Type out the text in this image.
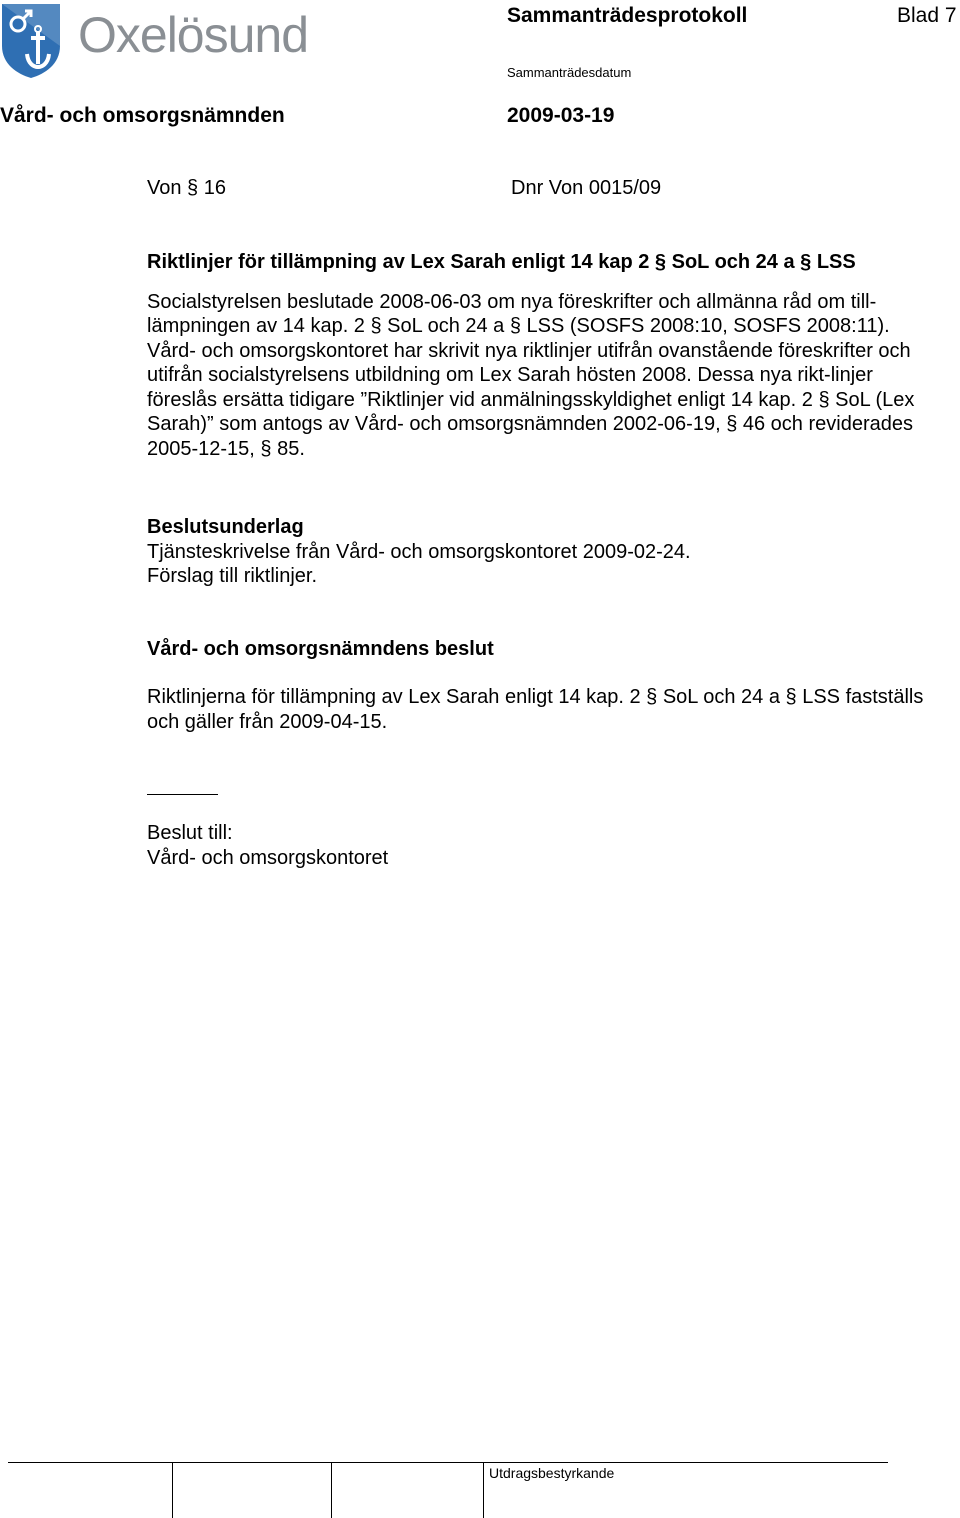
Oxelösund	Sammanträdesprotokoll	Blad 7
Sammanträdesdatum
Vård- och omsorgsnämnden	2009-03-19
Von § 16	Dnr Von 0015/09

Riktlinjer för tillämpning av Lex Sarah enligt 14 kap 2 § SoL och 24 a § LSS

Socialstyrelsen beslutade 2008-06-03 om nya föreskrifter och allmänna råd om till-lämpningen av 14 kap. 2 § SoL och 24 a § LSS (SOSFS 2008:10, SOSFS 2008:11). Vård- och omsorgskontoret har skrivit nya riktlinjer utifrån ovanstående föreskrifter och utifrån socialstyrelsens utbildning om Lex Sarah hösten 2008. Dessa nya rikt-linjer föreslås ersätta tidigare ”Riktlinjer vid anmälningsskyldighet enligt 14 kap. 2 § SoL (Lex Sarah)” som antogs av Vård- och omsorgsnämnden 2002-06-19, § 46 och reviderades 2005-12-15, § 85.

Beslutsunderlag

Tjänsteskrivelse från Vård- och omsorgskontoret 2009-02-24.

Förslag till riktlinjer.

Vård- och omsorgsnämndens beslut

Riktlinjerna för tillämpning av Lex Sarah enligt 14 kap. 2 § SoL och 24 a § LSS fastställs och gäller från 2009-04-15.

Beslut till:

Vård- och omsorgskontoret

Utdragsbestyrkande
